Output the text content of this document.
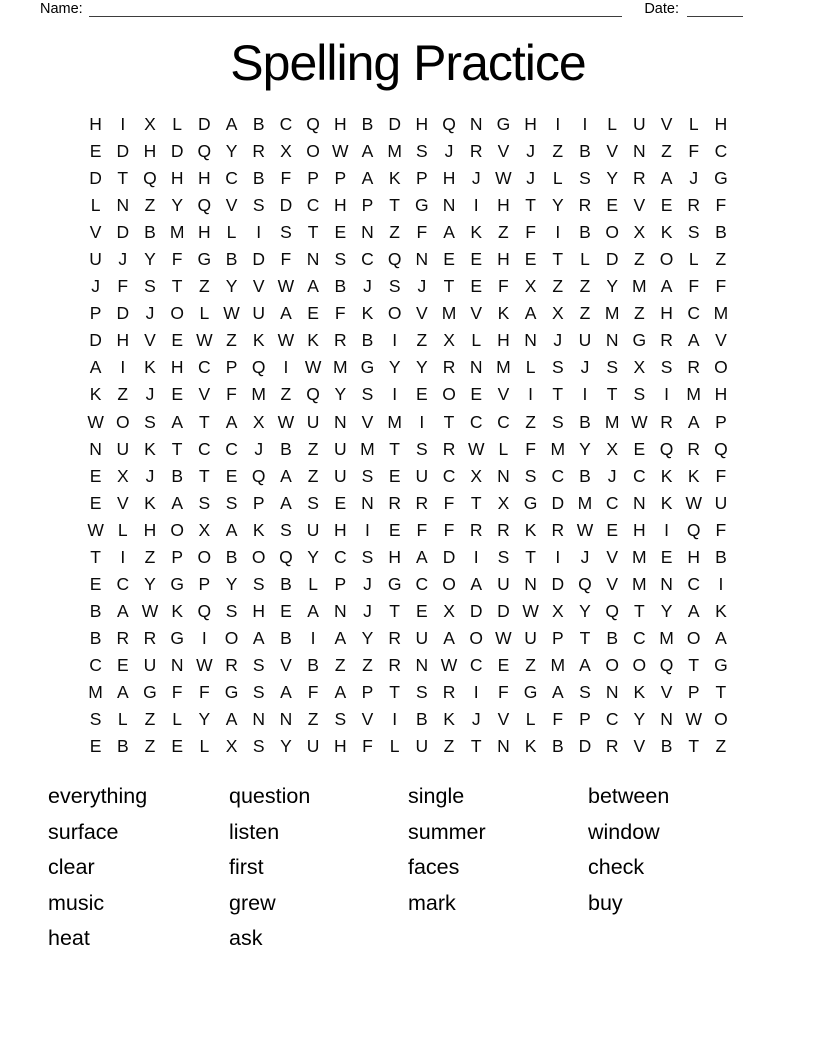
Name:	Date:
Spelling Practice
H	I	X L D A B C Q H B D H Q N G H	I	I	L U V L H
E D H D Q Y R X O W A M S J R V J Z B V N Z F C
D T Q H H C B F P P A K P H J W J	L S Y R A J G
L N Z Y Q V S D C H P T G N	I	H T Y R E V E R F
V D B M H L	I	S T E N Z F A K Z F	I	B O X K S B
U J Y F G B D F N S C Q N E E H E T L D Z O L Z
J F S T Z Y V W A B J S J T E F X Z Z Y M A F F
P D J O L W U A E F K O V M V K A X Z M Z H C M
D H V E W Z K W K R B	I	Z X L H N J U N G R A V
A	I	K H C P Q	I W M G Y Y R N M L S J S X S R O
K Z J E V F M Z Q Y S	I	E O E V	I	T	I	T S	I M H
W O S A T A X W U N V M I	T C C Z S B M W R A P
N U K T C C J B Z U M T S R W L F M Y X E Q R Q
E X J B T E Q A Z U S E U C X N S C B J C K K F
E V K A S S P A S E N R R F T X G D M C N K W U
W L H O X A K S U H	I	E F F R R K R W E H	I	Q F
T	I	Z P O B O Q Y C S H A D	I	S T	I	J V M E H B
E C Y G P Y S B L P J G C O A U N D Q V M N C	I
B A W K Q S H E A N J T E X D D W X Y Q T Y A K
B R R G	I	O A B	I	A Y R U A O W U P T B C M O A
C E U N W R S V B Z Z R N W C E Z M A O O Q T G
M A G F F G S A F A P T S R	I	F G A S N K V P T
S L Z L Y A N N Z S V	I	B K J V L F P C Y N W O
E B Z E L X S Y U H F L U Z T N K B D R V B T Z
everything
surface
clear
music
heat
question
listen
first
grew
ask
single
summer
faces
mark
between
window
check
buy
